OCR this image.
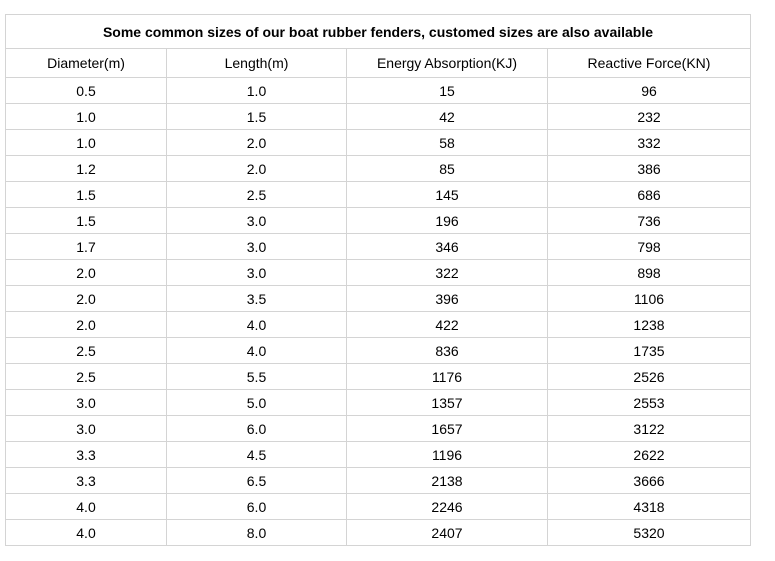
Some common sizes of our boat rubber fenders, customed sizes are also available			
Diameter(m)	Length(m)	Energy Absorption(KJ)	Reactive Force(KN)
0.5	1.0	15	96
1.0	1.5	42	232
1.0	2.0	58	332
1.2	2.0	85	386
1.5	2.5	145	686
1.5	3.0	196	736
1.7	3.0	346	798
2.0	3.0	322	898
2.0	3.5	396	1106
2.0	4.0	422	1238
2.5	4.0	836	1735
2.5	5.5	1176	2526
3.0	5.0	1357	2553
3.0	6.0	1657	3122
3.3	4.5	1196	2622
3.3	6.5	2138	3666
4.0	6.0	2246	4318
4.0	8.0	2407	5320
